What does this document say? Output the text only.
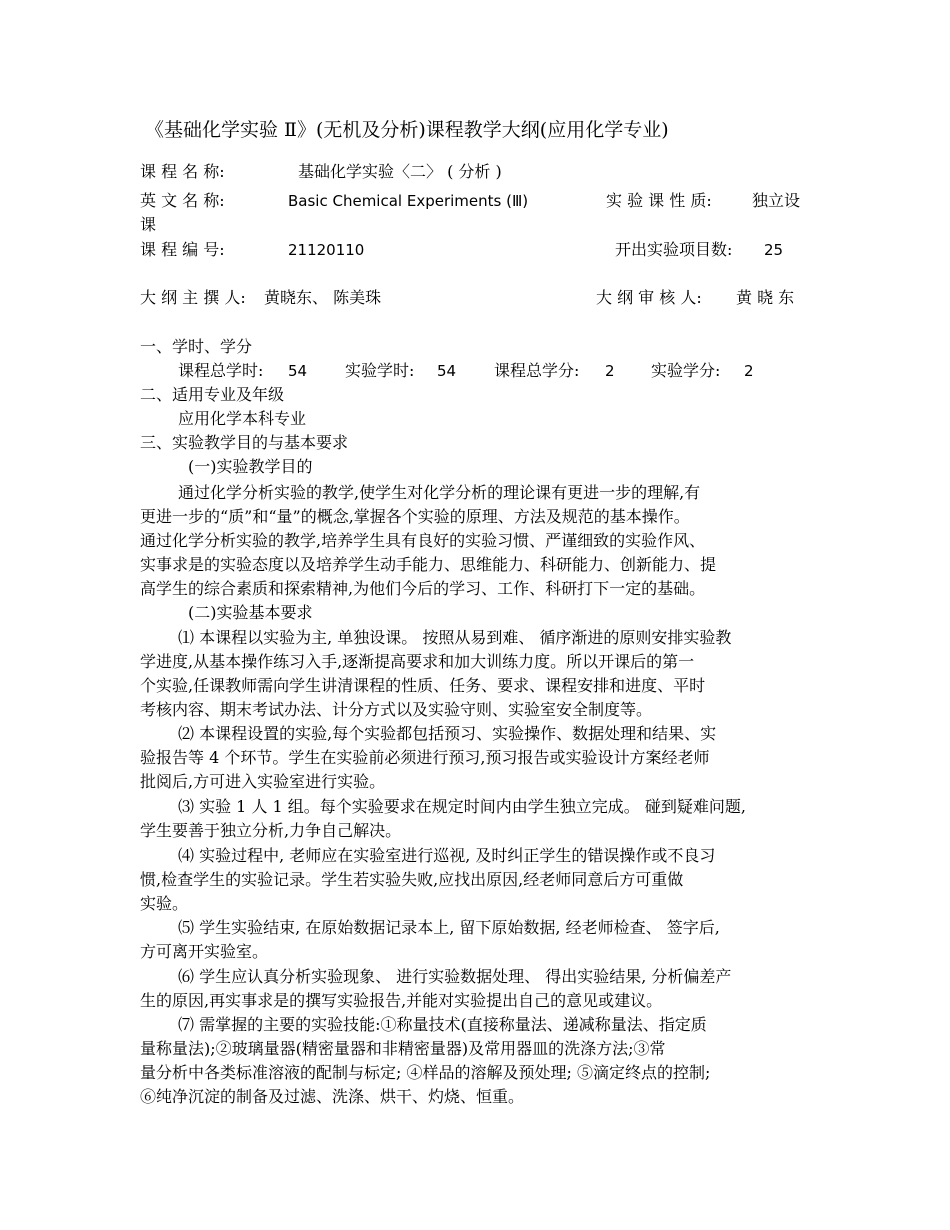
《基础化学实验 Ⅱ》(无机及分析)课程教学大纲(应用化学专业)
课 程 名 称:	基础化学实验〈二〉 ( 分析 )
英 文 名 称:	Basic Chemical Experiments (Ⅲ)	实 验 课 性 质:	独立设
课
课 程 编 号:	21120110	开出实验项目数: 25
大 纲 主 撰 人: 黄晓东、 陈美珠	大 纲 审 核 人: 黄 晓 东
一、学时、学分
课程总学时: 54 实验学时: 54 课程总学分: 2 实验学分: 2
二、适用专业及年级
应用化学本科专业
三、实验教学目的与基本要求
(一)实验教学目的
通过化学分析实验的教学,使学生对化学分析的理论课有更进一步的理解,有
更进一步的“质”和“量”的概念,掌握各个实验的原理、方法及规范的基本操作。
通过化学分析实验的教学,培养学生具有良好的实验习惯、严谨细致的实验作风、
实事求是的实验态度以及培养学生动手能力、思维能力、科研能力、创新能力、提
高学生的综合素质和探索精神,为他们今后的学习、工作、科研打下一定的基础。
(二)实验基本要求
⑴ 本课程以实验为主, 单独设课。 按照从易到难、 循序渐进的原则安排实验教
学进度,从基本操作练习入手,逐渐提高要求和加大训练力度。所以开课后的第一
个实验,任课教师需向学生讲清课程的性质、任务、要求、课程安排和进度、平时
考核内容、期末考试办法、计分方式以及实验守则、实验室安全制度等。
⑵ 本课程设置的实验,每个实验都包括预习、实验操作、数据处理和结果、实
验报告等 4 个环节。学生在实验前必须进行预习,预习报告或实验设计方案经老师
批阅后,方可进入实验室进行实验。
⑶ 实验 1 人 1 组。每个实验要求在规定时间内由学生独立完成。 碰到疑难问题,
学生要善于独立分析,力争自己解决。
⑷ 实验过程中, 老师应在实验室进行巡视, 及时纠正学生的错误操作或不良习
惯,检查学生的实验记录。学生若实验失败,应找出原因,经老师同意后方可重做
实验。
⑸ 学生实验结束, 在原始数据记录本上, 留下原始数据, 经老师检查、 签字后,
方可离开实验室。
⑹ 学生应认真分析实验现象、 进行实验数据处理、 得出实验结果, 分析偏差产
生的原因,再实事求是的撰写实验报告,并能对实验提出自己的意见或建议。
⑺ 需掌握的主要的实验技能:①称量技术(直接称量法、递减称量法、指定质
量称量法);②玻璃量器(精密量器和非精密量器)及常用器皿的洗涤方法;③常
量分析中各类标准溶液的配制与标定; ④样品的溶解及预处理; ⑤滴定终点的控制;
⑥纯净沉淀的制备及过滤、洗涤、烘干、灼烧、恒重。
